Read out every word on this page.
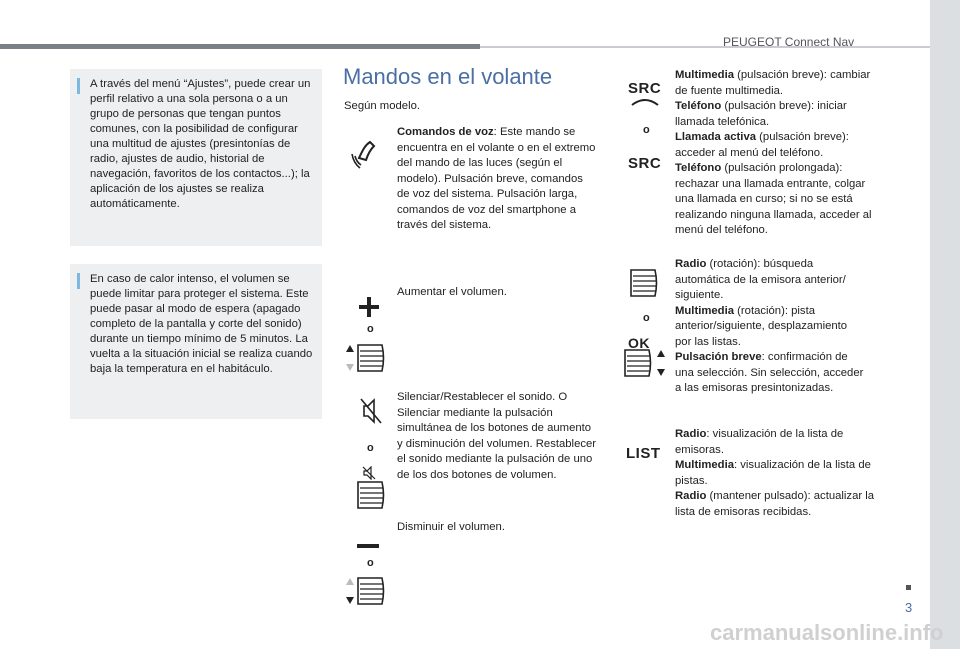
PEUGEOT Connect Nav
A través del menú “Ajustes”, puede crear un perfil relativo a una sola persona o a un grupo de personas que tengan puntos comunes, con la posibilidad de configurar una multitud de ajustes (presintonías de radio, ajustes de audio, historial de navegación, favoritos de los contactos...); la aplicación de los ajustes se realiza automáticamente.
En caso de calor intenso, el volumen se puede limitar para proteger el sistema. Este puede pasar al modo de espera (apagado completo de la pantalla y corte del sonido) durante un tiempo mínimo de 5 minutos. La vuelta a la situación inicial se realiza cuando baja la temperatura en el habitáculo.
Mandos en el volante
Según modelo.
Comandos de voz: Este mando se encuentra en el volante o en el extremo del mando de las luces (según el modelo). Pulsación breve, comandos de voz del sistema. Pulsación larga, comandos de voz del smartphone a través del sistema.
o
Aumentar el volumen.
o
Silenciar/Restablecer el sonido. O Silenciar mediante la pulsación simultánea de los botones de aumento y disminución del volumen. Restablecer el sonido mediante la pulsación de uno de los dos botones de volumen.
o
Disminuir el volumen.
SRC
o
SRC
Multimedia (pulsación breve): cambiar de fuente multimedia.
Teléfono (pulsación breve): iniciar llamada telefónica.
Llamada activa (pulsación breve): acceder al menú del teléfono.
Teléfono (pulsación prolongada): rechazar una llamada entrante, colgar una llamada en curso; si no se está realizando ninguna llamada, acceder al menú del teléfono.
o
OK
Radio (rotación): búsqueda automática de la emisora anterior/ siguiente.
Multimedia (rotación): pista anterior/siguiente, desplazamiento por las listas.
Pulsación breve: confirmación de una selección. Sin selección, acceder a las emisoras presintonizadas.
LIST
Radio: visualización de la lista de emisoras.
Multimedia: visualización de la lista de pistas.
Radio (mantener pulsado): actualizar la lista de emisoras recibidas.
3
carmanualsonline.info
